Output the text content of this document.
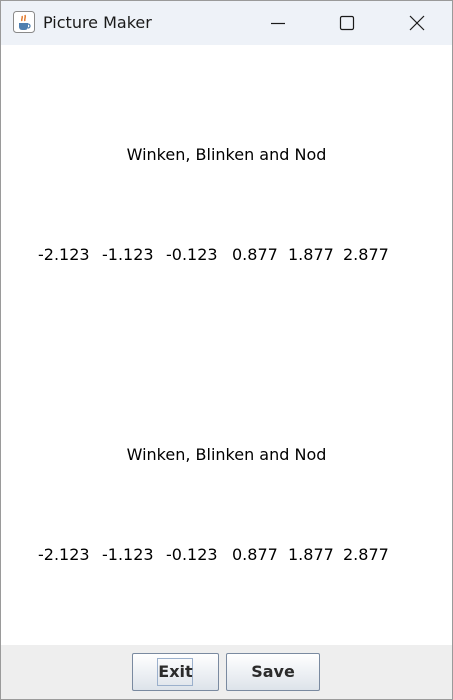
Picture Maker
Winken, Blinken and Nod
-2.123 -1.123 -0.123 0.877 1.877 2.877
Winken, Blinken and Nod
-2.123 -1.123 -0.123 0.877 1.877 2.877
Exit	Save
